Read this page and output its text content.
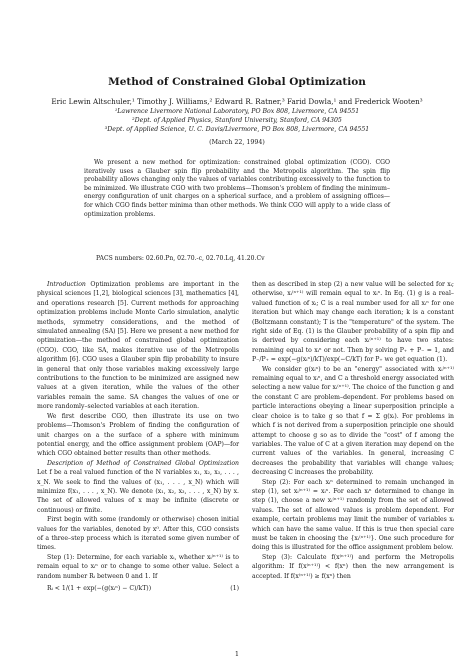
Method of Constrained Global Optimization
Eric Lewin Altschuler,¹ Timothy J. Williams,² Edward R. Ratner,³ Farid Dowla,¹ and Frederick Wooten³
¹Lawrence Livermore National Laboratory, PO Box 808, Livermore, CA 94551
²Dept. of Applied Physics, Stanford University, Stanford, CA 94305
³Dept. of Applied Science, U. C. Davis/Livermore, PO Box 808, Livermore, CA 94551
(March 22, 1994)
We present a new method for optimization: constrained global optimization (CGO). CGO iteratively uses a Glauber spin flip probability and the Metropolis algorithm. The spin flip probability allows changing only the values of variables contributing excessively to the function to be minimized. We illustrate CGO with two problems—Thomson's problem of finding the minimum–energy configuration of unit charges on a spherical surface, and a problem of assigning offices—for which CGO finds better minima than other methods. We think CGO will apply to a wide class of optimization problems.
PACS numbers: 02.60.Pn, 02.70.-c, 02.70.Lq, 41.20.Cv

Introduction Optimization problems are important in the physical sciences [1,2], biological sciences [3], mathematics [4], and operations research [5]. Current methods for approaching optimization problems include Monte Carlo simulation, analytic methods, symmetry considerations, and the method of simulated annealing (SA) [5]. Here we present a new method for optimization—the method of constrained global optimization (CGO). CGO, like SA, makes iterative use of the Metropolis algorithm [6]. CGO uses a Glauber spin flip probability to insure in general that only those variables making excessively large contributions to the function to be minimized are assigned new values at a given iteration, while the values of the other variables remain the same. SA changes the values of one or more randomly–selected variables at each iteration.

We first describe CGO, then illustrate its use on two problems—Thomson's Problem of finding the configuration of unit charges on a the surface of a sphere with minimum potential energy, and the office assignment problem (OAP)—for which CGO obtained better results than other methods.

Description of Method of Constrained Global Optimization Let f be a real valued function of the N variables x₁, x₂, x₃, . . . , x_N. We seek to find the values of (x₁, . . . , x_N) which will minimize f(x₁, . . . , x_N). We denote (x₁, x₂, x₃, . . . , x_N) by x. The set of allowed values of x may be infinite (discrete or continuous) or finite.

First begin with some (randomly or otherwise) chosen initial values for the variables, denoted by x⁰. After this, CGO consists of a three–step process which is iterated some given number of times.

Step (1): Determine, for each variable xᵢ, whether xᵢ⁽ⁿ⁺¹⁾ is to remain equal to xᵢⁿ or to change to some other value. Select a random number Rᵢ between 0 and 1. If

Rᵢ < 1/(1 + exp(−(g(xᵢⁿ) − C)/kT))	(1)

then as described in step (2) a new value will be selected for xᵢ; otherwise, xᵢ⁽ⁿ⁺¹⁾ will remain equal to xᵢⁿ. In Eq. (1) g is a real–valued function of xᵢ; C is a real number used for all xᵢⁿ for one iteration but which may change each iteration; k is a constant (Boltzmann constant); T is the "temperature" of the system. The right side of Eq. (1) is the Glauber probability of a spin flip and is derived by considering each xᵢ⁽ⁿ⁺¹⁾ to have two states: remaining equal to xᵢⁿ or not. Then by solving P₊ + P₋ = 1, and P₋/P₊ = exp(−g(xᵢⁿ)/kT)/exp(−C/kT) for P₊ we get equation (1).

We consider g(xᵢⁿ) to be an "energy" associated with xᵢ⁽ⁿ⁺¹⁾ remaining equal to xᵢⁿ, and C a threshold energy associated with selecting a new value for xᵢ⁽ⁿ⁺¹⁾. The choice of the function g and the constant C are problem–dependent. For problems based on particle interactions obeying a linear superposition principle a clear choice is to take g so that f = Σ g(xᵢ). For problems in which f is not derived from a superposition principle one should attempt to choose g so as to divide the "cost" of f among the variables. The value of C at a given iteration may depend on the current values of the variables. In general, increasing C decreases the probability that variables will change values; decreasing C increases the probability.

Step (2): For each xᵢⁿ determined to remain unchanged in step (1), set xᵢ⁽ⁿ⁺¹⁾ = xᵢⁿ. For each xᵢⁿ determined to change in step (1), choose a new xᵢ⁽ⁿ⁺¹⁾ randomly from the set of allowed values. The set of allowed values is problem dependent. For example, certain problems may limit the number of variables xᵢ which can have the same value. If this is true then special care must be taken in choosing the {xᵢ⁽ⁿ⁺¹⁾}. One such procedure for doing this is illustrated for the office assignment problem below.

Step (3): Calculate f(x⁽ⁿ⁺¹⁾) and perform the Metropolis algorithm: If f(x⁽ⁿ⁺¹⁾) < f(xⁿ) then the new arrangement is accepted. If f(x⁽ⁿ⁺¹⁾) ≥ f(xⁿ) then

1
